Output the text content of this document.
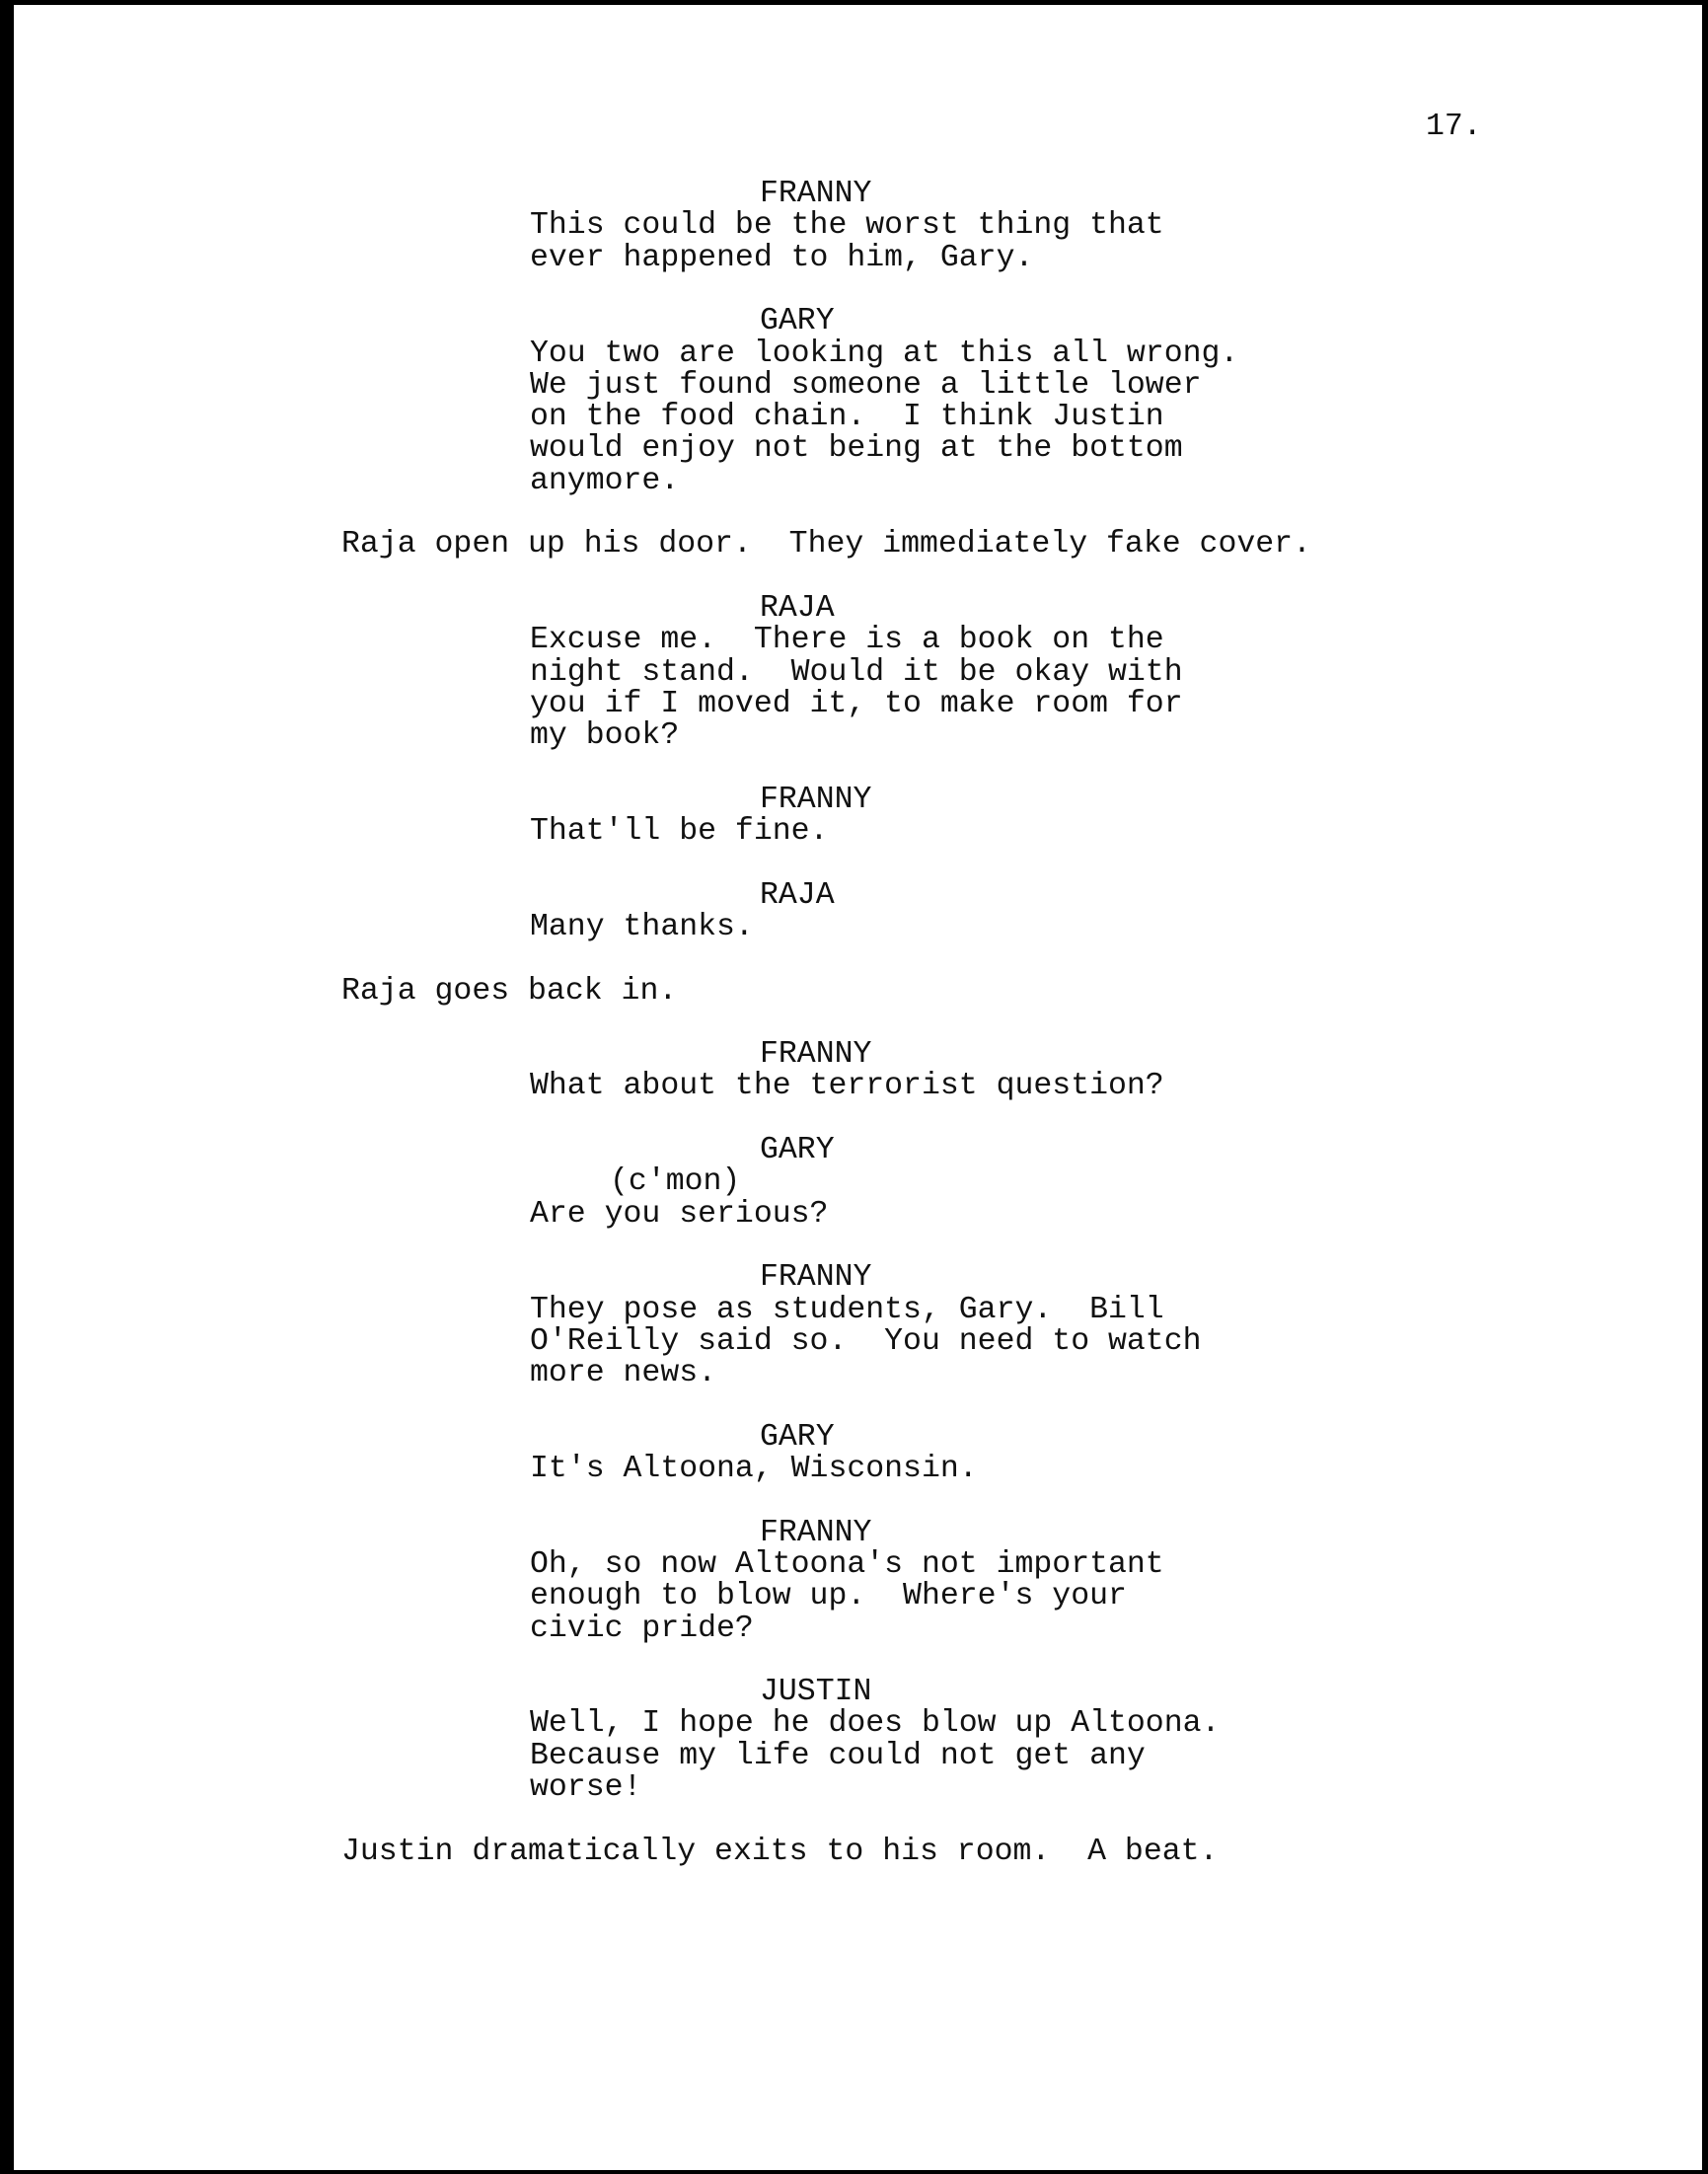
17.

FRANNY
This could be the worst thing that
ever happened to him, Gary.
GARY
You two are looking at this all wrong.
We just found someone a little lower
on the food chain.  I think Justin
would enjoy not being at the bottom
anymore.
Raja open up his door.  They immediately fake cover.
RAJA
Excuse me.  There is a book on the
night stand.  Would it be okay with
you if I moved it, to make room for
my book?
FRANNY
That'll be fine.
RAJA
Many thanks.
Raja goes back in.
FRANNY
What about the terrorist question?
GARY
(c'mon)
Are you serious?
FRANNY
They pose as students, Gary.  Bill
O'Reilly said so.  You need to watch
more news.
GARY
It's Altoona, Wisconsin.
FRANNY
Oh, so now Altoona's not important
enough to blow up.  Where's your
civic pride?
JUSTIN
Well, I hope he does blow up Altoona.
Because my life could not get any
worse!
Justin dramatically exits to his room.  A beat.
